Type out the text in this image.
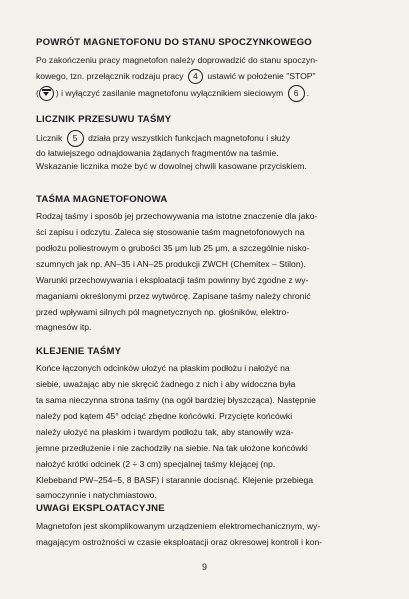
POWRÓT MAGNETOFONU DO STANU SPOCZYNKOWEGO
Po zakończeniu pracy magnetofon należy doprowadzić do stanu spoczyn-
kowego, tzn. przełącznik rodzaju pracy 4 ustawić w położenie "STOP"
( ) i wyłączyć zasilanie magnetofonu wyłącznikiem sieciowym 6 .
LICZNIK PRZESUWU TAŚMY
Licznik 5 działa przy wszystkich funkcjach magnetofonu i służy
do łatwiejszego odnajdowania żądanych fragmentów na taśmie.
Wskazanie licznika może być w dowolnej chwili kasowane przyciskiem.
TAŚMA MAGNETOFONOWA
Rodzaj taśmy i sposób jej przechowywania ma istotne znaczenie dla jako-
ści zapisu i odczytu. Zaleca się stosowanie taśm magnetofonowych na
podłożu poliestrowym o grubości 35 μm lub 25 μm, a szczególnie nisko-
szumnych jak np. AN–35 i AN–25 produkcji ZWCH (Chemitex – Stilon).
Warunki przechowywania i eksploatacji taśm powinny być zgodne z wy-
maganiami określonymi przez wytwórcę. Zapisane taśmy należy chronić
przed wpływami silnych pól magnetycznych np. głośników, elektro-
magnesów itp.
KLEJENIE TAŚMY
Końce łączonych odcinków ułożyć na płaskim podłożu i nałożyć na
siebie, uważając aby nie skręcić żadnego z nich i aby widoczna była
ta sama nieczynna strona taśmy (na ogół bardziej błyszcząca). Następnie
należy pod kątem 45° odciąć zbędne końcówki. Przycięte końcówki
należy ułożyć na płaskim i twardym podłożu tak, aby stanowiły wza-
jemne przedłużenie i nie zachodziły na siebie. Na tak ułożone końcówki
nałożyć krótki odcinek (2 ÷ 3 cm) specjalnej taśmy klejącej (np.
Klebeband PW–254–5, 8 BASF) i starannie docisnąć. Klejenie przebiega
samoczynnie i natychmiastowo.
UWAGI EKSPLOATACYJNE
Magnetofon jest skomplikowanym urządzeniem elektromechanicznym, wy-
magającym ostrożności w czasie eksploatacji oraz okresowej kontroli i kon-
9
